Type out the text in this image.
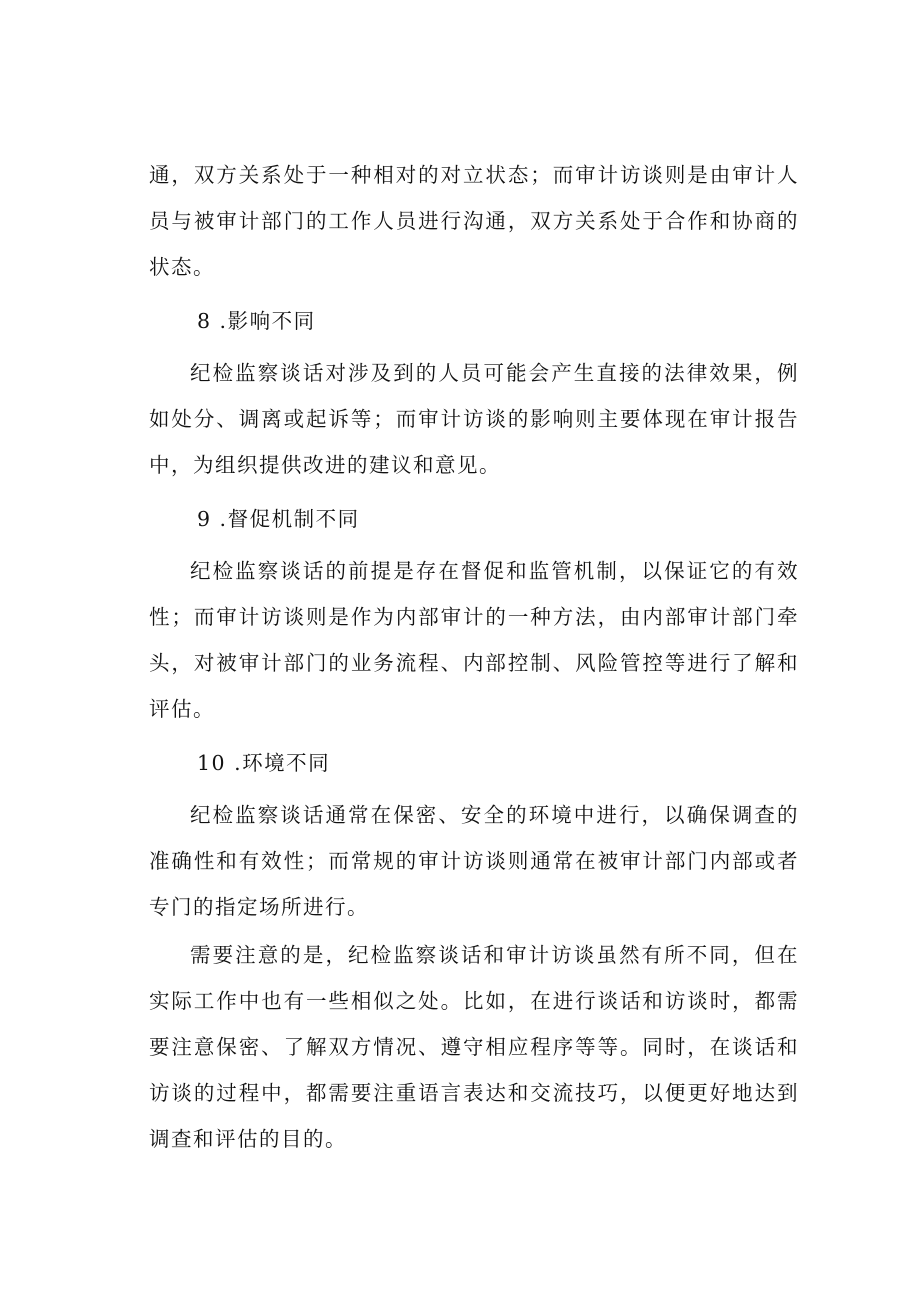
通，双方关系处于一种相对的对立状态；而审计访谈则是由审计人员与被审计部门的工作人员进行沟通，双方关系处于合作和协商的状态。

8 .影响不同

纪检监察谈话对涉及到的人员可能会产生直接的法律效果，例如处分、调离或起诉等；而审计访谈的影响则主要体现在审计报告中，为组织提供改进的建议和意见。

9 .督促机制不同

纪检监察谈话的前提是存在督促和监管机制，以保证它的有效性；而审计访谈则是作为内部审计的一种方法，由内部审计部门牵头，对被审计部门的业务流程、内部控制、风险管控等进行了解和评估。

10 .环境不同

纪检监察谈话通常在保密、安全的环境中进行，以确保调查的准确性和有效性；而常规的审计访谈则通常在被审计部门内部或者专门的指定场所进行。

需要注意的是，纪检监察谈话和审计访谈虽然有所不同，但在实际工作中也有一些相似之处。比如，在进行谈话和访谈时，都需要注意保密、了解双方情况、遵守相应程序等等。同时，在谈话和访谈的过程中，都需要注重语言表达和交流技巧，以便更好地达到调查和评估的目的。
